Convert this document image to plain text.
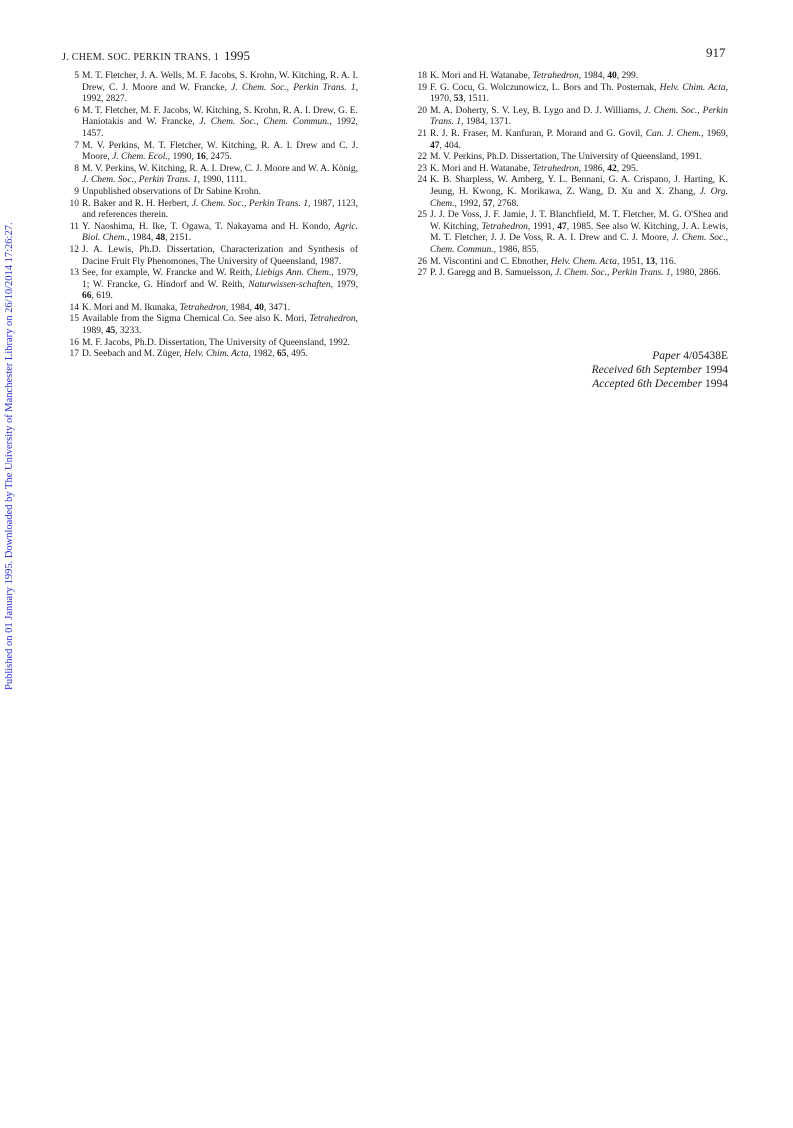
J. CHEM. SOC. PERKIN TRANS. 1 1995	917
Published on 01 January 1995. Downloaded by The University of Manchester Library on 26/10/2014 17:26:27.
5 M. T. Fletcher, J. A. Wells, M. F. Jacobs, S. Krohn, W. Kitching, R. A. I. Drew, C. J. Moore and W. Francke, J. Chem. Soc., Perkin Trans. 1, 1992, 2827.
6 M. T. Fletcher, M. F. Jacobs, W. Kitching, S. Krohn, R. A. I. Drew, G. E. Haniotakis and W. Francke, J. Chem. Soc., Chem. Commun., 1992, 1457.
7 M. V. Perkins, M. T. Fletcher, W. Kitching, R. A. I. Drew and C. J. Moore, J. Chem. Ecol., 1990, 16, 2475.
8 M. V. Perkins, W. Kitching, R. A. I. Drew, C. J. Moore and W. A. König, J. Chem. Soc., Perkin Trans. 1, 1990, 1111.
9 Unpublished observations of Dr Sabine Krohn.
10 R. Baker and R. H. Herbert, J. Chem. Soc., Perkin Trans. 1, 1987, 1123, and references therein.
11 Y. Naoshima, H. Ike, T. Ogawa, T. Nakayama and H. Kondo, Agric. Biol. Chem., 1984, 48, 2151.
12 J. A. Lewis, Ph.D. Dissertation, Characterization and Synthesis of Dacine Fruit Fly Phenomones, The University of Queensland, 1987.
13 See, for example, W. Francke and W. Reith, Liebigs Ann. Chem., 1979, 1; W. Francke, G. Hindorf and W. Reith, Naturwissen-schaften, 1979, 66, 619.
14 K. Mori and M. Ikunaka, Tetrahedron, 1984, 40, 3471.
15 Available from the Sigma Chemical Co. See also K. Mori, Tetrahedron, 1989, 45, 3233.
16 M. F. Jacobs, Ph.D. Dissertation, The University of Queensland, 1992.
17 D. Seebach and M. Züger, Helv. Chim. Acta, 1982, 65, 495.
18 K. Mori and H. Watanabe, Tetrahedron, 1984, 40, 299.
19 F. G. Cocu, G. Wolczunowicz, L. Bors and Th. Posternak, Helv. Chim. Acta, 1970, 53, 1511.
20 M. A. Doherty, S. V. Ley, B. Lygo and D. J. Williams, J. Chem. Soc., Perkin Trans. 1, 1984, 1371.
21 R. J. R. Fraser, M. Kanfuran, P. Morand and G. Govil, Can. J. Chem., 1969, 47, 404.
22 M. V. Perkins, Ph.D. Dissertation, The University of Queensland, 1991.
23 K. Mori and H. Watanabe, Tetrahedron, 1986, 42, 295.
24 K. B. Sharpless, W. Amberg, Y. L. Bennani, G. A. Crispano, J. Harting, K. Jeung, H. Kwong, K. Morikawa, Z. Wang, D. Xu and X. Zhang, J. Org. Chem., 1992, 57, 2768.
25 J. J. De Voss, J. F. Jamie, J. T. Blanchfield, M. T. Fletcher, M. G. O'Shea and W. Kitching, Tetrahedron, 1991, 47, 1985. See also W. Kitching, J. A. Lewis, M. T. Fletcher, J. J. De Voss, R. A. I. Drew and C. J. Moore, J. Chem. Soc., Chem. Commun., 1986, 855.
26 M. Viscontini and C. Ebnother, Helv. Chem. Acta, 1951, 13, 116.
27 P. J. Garegg and B. Samuelsson, J. Chem. Soc., Perkin Trans. 1, 1980, 2866.
Paper 4/05438E
Received 6th September 1994
Accepted 6th December 1994
